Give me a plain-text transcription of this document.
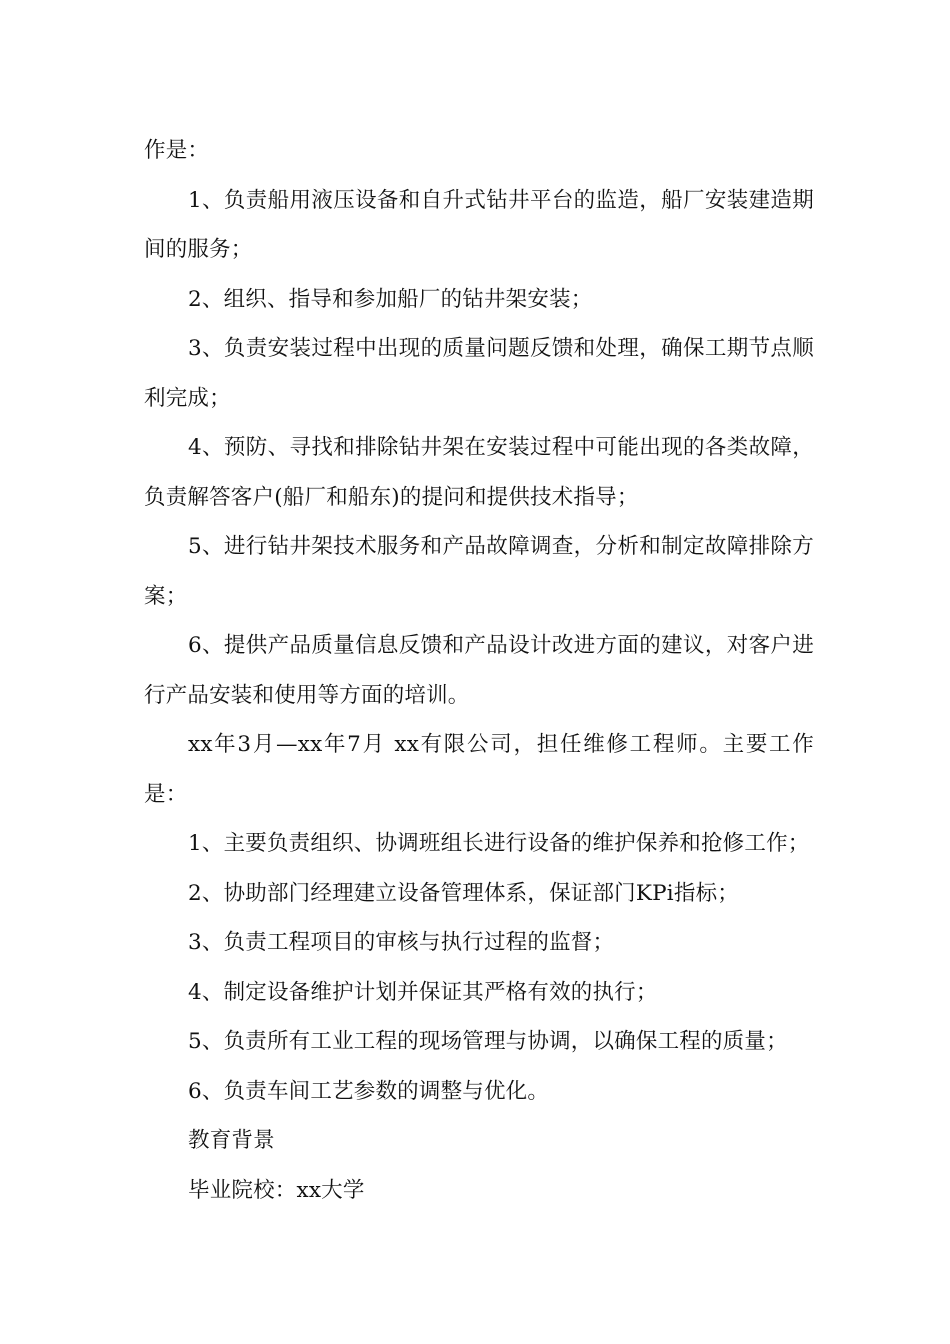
作是：

1、负责船用液压设备和自升式钻井平台的监造，船厂安装建造期间的服务；

2、组织、指导和参加船厂的钻井架安装；

3、负责安装过程中出现的质量问题反馈和处理，确保工期节点顺利完成；

4、预防、寻找和排除钻井架在安装过程中可能出现的各类故障，负责解答客户(船厂和船东)的提问和提供技术指导；

5、进行钻井架技术服务和产品故障调查，分析和制定故障排除方案；

6、提供产品质量信息反馈和产品设计改进方面的建议，对客户进行产品安装和使用等方面的培训。

xx年3月—xx年7月 xx有限公司，担任维修工程师。主要工作是：

1、主要负责组织、协调班组长进行设备的维护保养和抢修工作；

2、协助部门经理建立设备管理体系，保证部门KPi指标；

3、负责工程项目的审核与执行过程的监督；

4、制定设备维护计划并保证其严格有效的执行；

5、负责所有工业工程的现场管理与协调，以确保工程的质量；

6、负责车间工艺参数的调整与优化。

教育背景

毕业院校：xx大学
